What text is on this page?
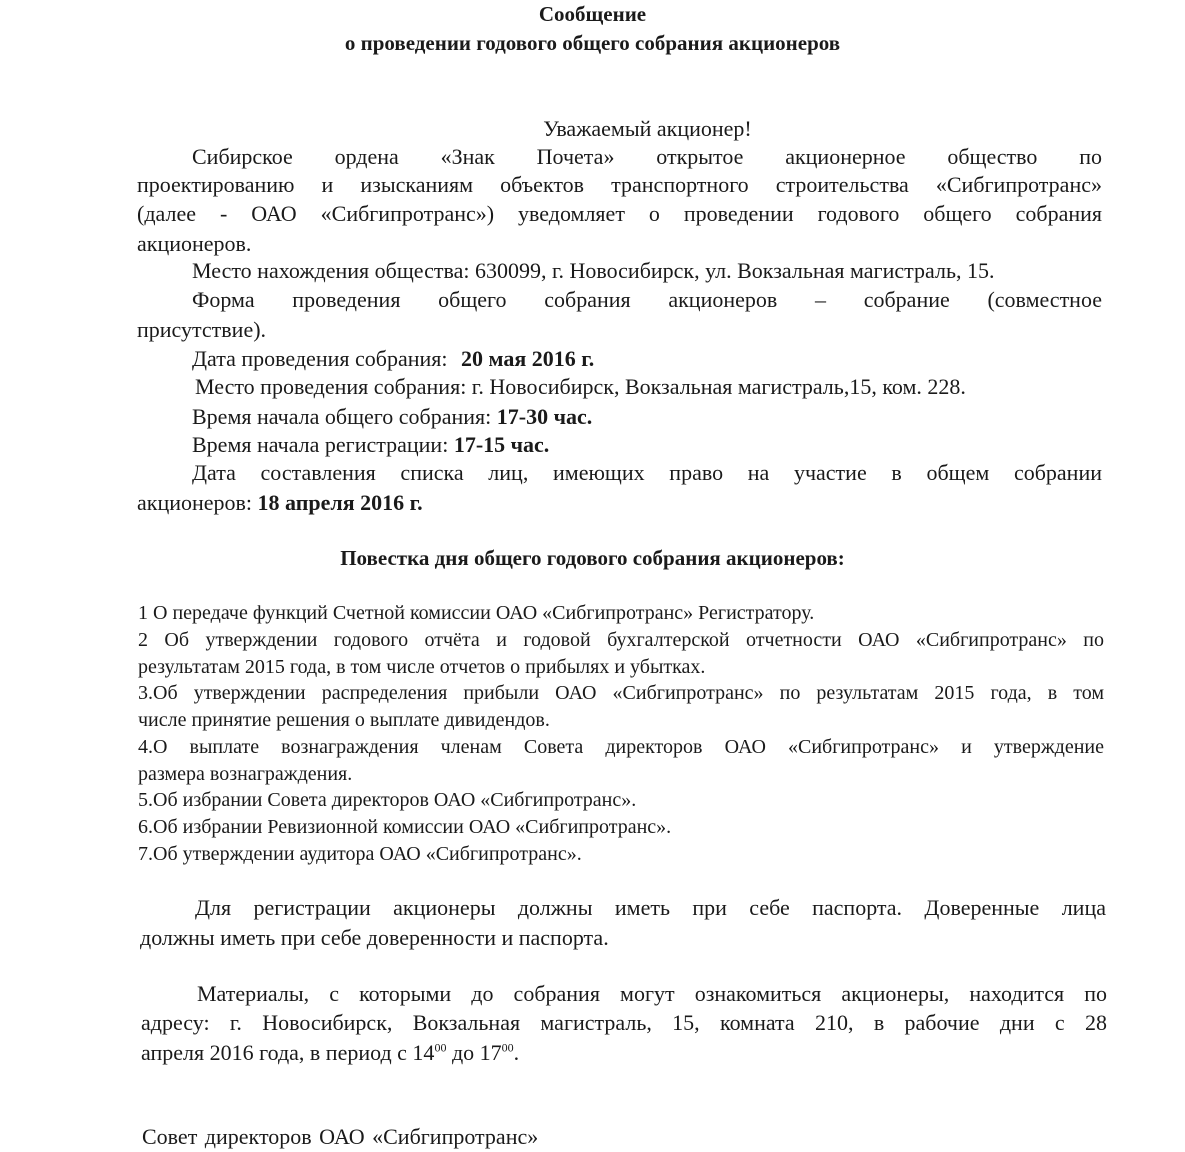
Сообщение
о проведении годового общего собрания акционеров
Уважаемый акционер!
Сибирское ордена «Знак Почета» открытое акционерное общество по
проектированию и изысканиям объектов транспортного строительства «Сибгипротранс»
(далее - ОАО «Сибгипротранс») уведомляет о проведении годового общего собрания
акционеров.
Место нахождения общества: 630099, г. Новосибирск, ул. Вокзальная магистраль, 15.
Форма проведения общего собрания акционеров – собрание (совместное
присутствие).
Дата проведения собрания: 20 мая 2016 г.
Место проведения собрания: г. Новосибирск, Вокзальная магистраль,15, ком. 228.
Время начала общего собрания: 17-30 час.
Время начала регистрации: 17-15 час.
Дата составления списка лиц, имеющих право на участие в общем собрании
акционеров: 18 апреля 2016 г.
Повестка дня общего годового собрания акционеров:
1 О передаче функций Счетной комиссии ОАО «Сибгипротранс» Регистратору.
2 Об утверждении годового отчёта и годовой бухгалтерской отчетности ОАО «Сибгипротранс» по
результатам 2015 года, в том числе отчетов о прибылях и убытках.
3.Об утверждении распределения прибыли ОАО «Сибгипротранс» по результатам 2015 года, в том
числе принятие решения о выплате дивидендов.
4.О выплате вознаграждения членам Совета директоров ОАО «Сибгипротранс» и утверждение
размера вознаграждения.
5.Об избрании Совета директоров ОАО «Сибгипротранс».
6.Об избрании Ревизионной комиссии ОАО «Сибгипротранс».
7.Об утверждении аудитора ОАО «Сибгипротранс».
Для регистрации акционеры должны иметь при себе паспорта. Доверенные лица
должны иметь при себе доверенности и паспорта.
Материалы, с которыми до собрания могут ознакомиться акционеры, находится по
адресу: г. Новосибирск, Вокзальная магистраль, 15, комната 210, в рабочие дни с 28
апреля 2016 года, в период с $14^{00}$ до $17^{00}$.
Совет директоров ОАО «Сибгипротранс»
